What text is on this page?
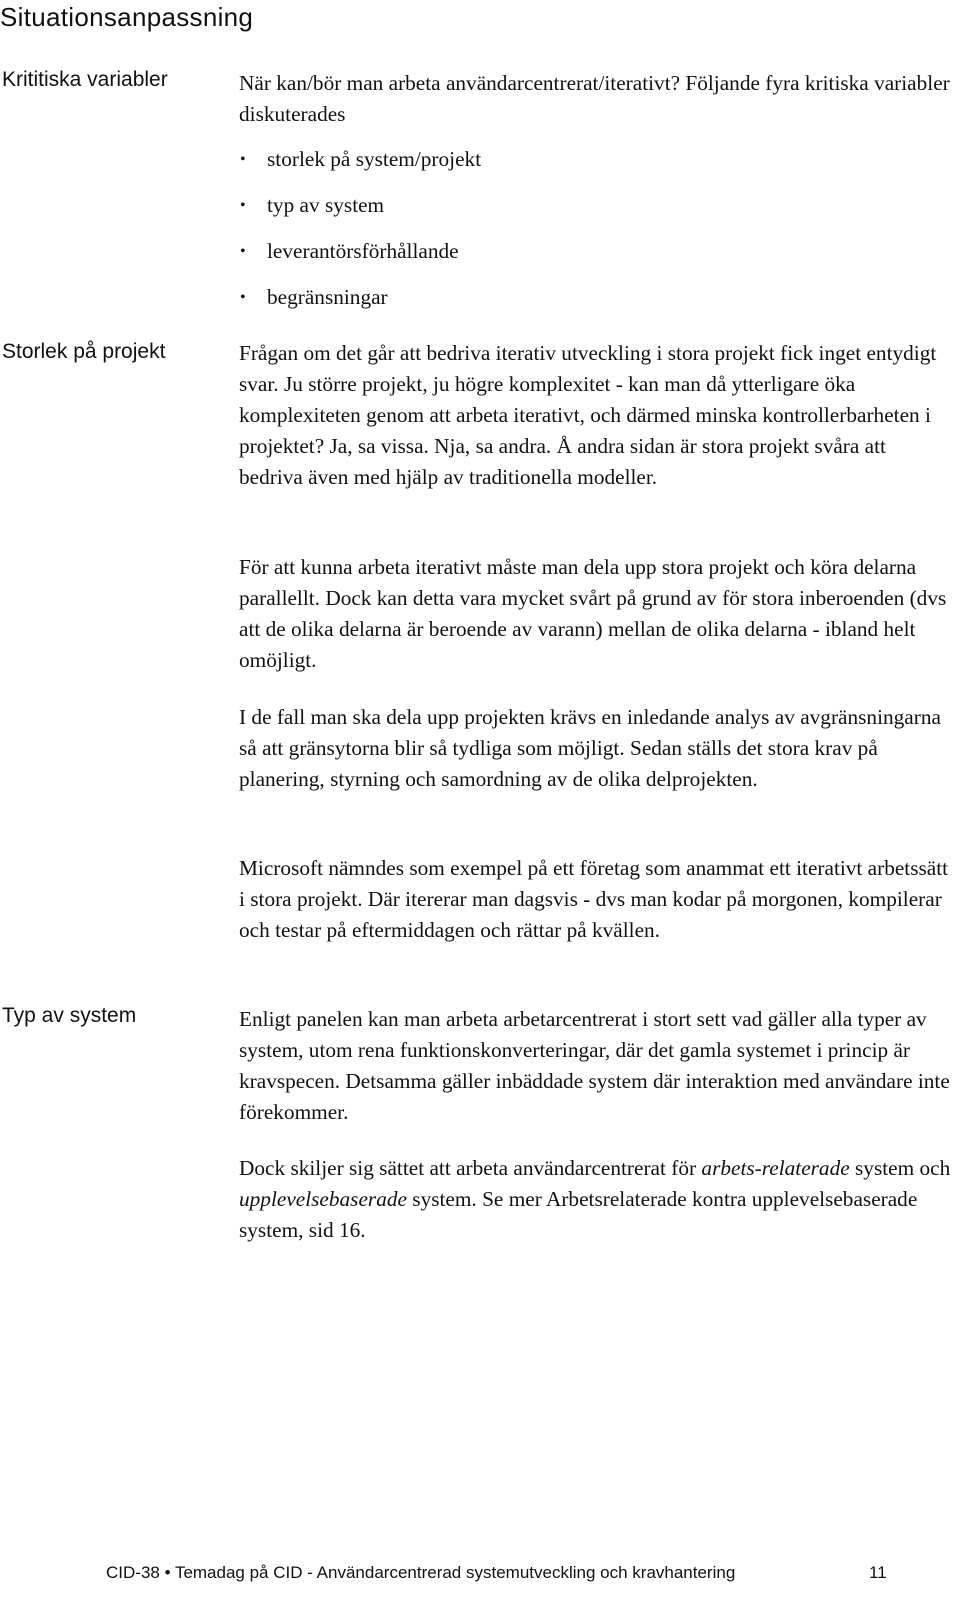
Situationsanpassning
Krititiska variabler	När kan/bör man arbeta användarcentrerat/iterativt? Följande fyra kritiska variabler diskuterades

• storlek på system/projekt
• typ av system
• leverantörsförhållande
• begränsningar
Storlek på projekt	Frågan om det går att bedriva iterativ utveckling i stora projekt fick inget entydigt svar. Ju större projekt, ju högre komplexitet - kan man då ytterligare öka komplexiteten genom att arbeta iterativt, och därmed minska kontrollerbarheten i projektet? Ja, sa vissa. Nja, sa andra. Å andra sidan är stora projekt svåra att bedriva även med hjälp av traditionella modeller.

För att kunna arbeta iterativt måste man dela upp stora projekt och köra delarna parallellt. Dock kan detta vara mycket svårt på grund av för stora inberoenden (dvs att de olika delarna är beroende av varann) mellan de olika delarna - ibland helt omöjligt.

I de fall man ska dela upp projekten krävs en inledande analys av avgränsningarna så att gränsytorna blir så tydliga som möjligt. Sedan ställs det stora krav på planering, styrning och samordning av de olika delprojekten.

Microsoft nämndes som exempel på ett företag som anammat ett iterativt arbetssätt i stora projekt. Där itererar man dagsvis - dvs man kodar på morgonen, kompilerar och testar på eftermiddagen och rättar på kvällen.

Typ av system	Enligt panelen kan man arbeta arbetarcentrerat i stort sett vad gäller alla typer av system, utom rena funktionskonverteringar, där det gamla systemet i princip är kravspecen. Detsamma gäller inbäddade system där interaktion med användare inte förekommer.

Dock skiljer sig sättet att arbeta användarcentrerat för arbets-relaterade system och upplevelsebaserade system. Se mer Arbetsrelaterade kontra upplevelsebaserade system, sid 16.

CID-38 • Temadag på CID - Användarcentrerad systemutveckling och kravhantering	11
